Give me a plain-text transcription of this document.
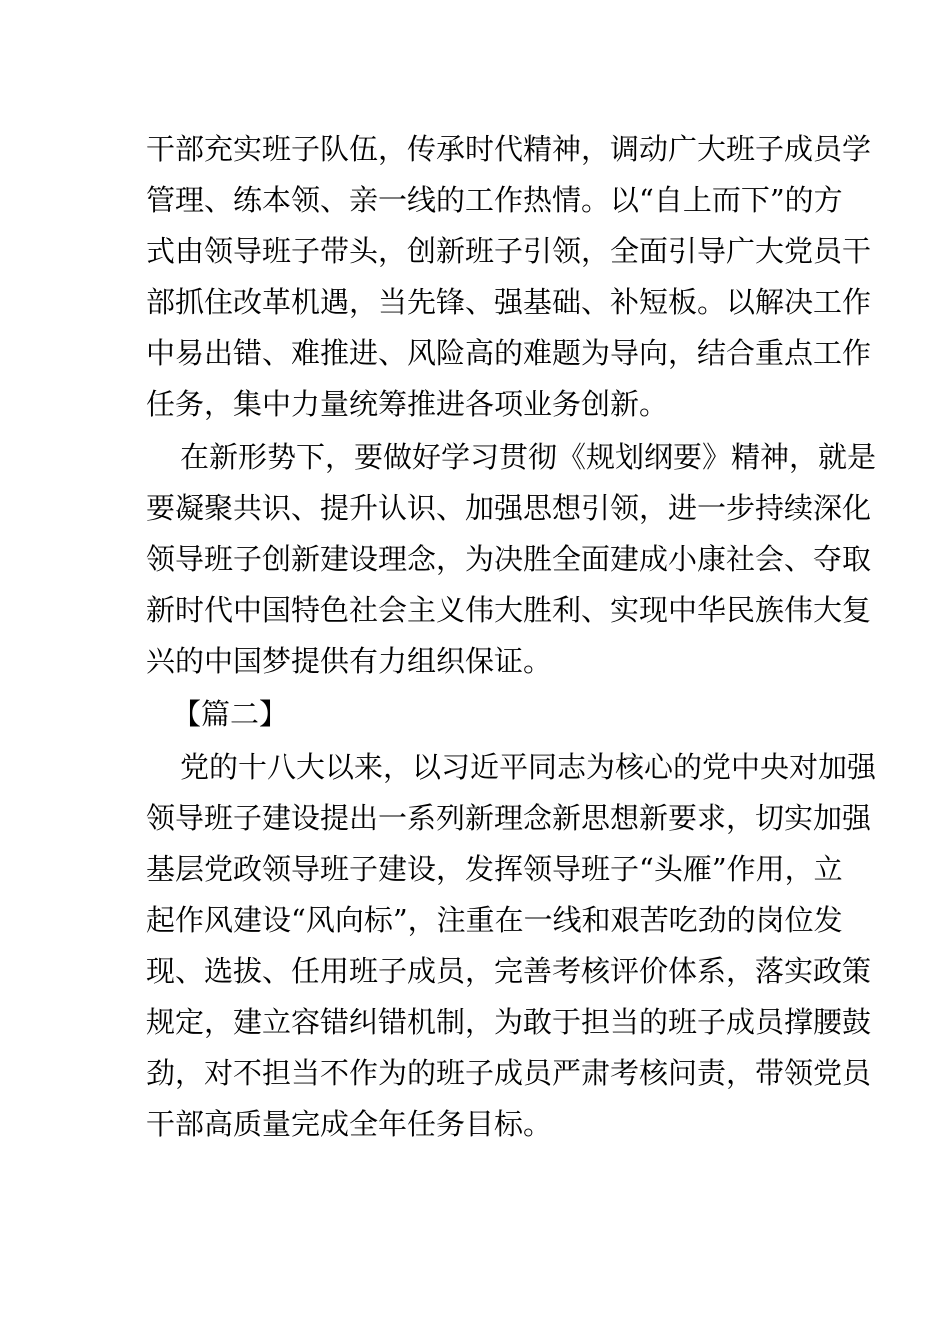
干部充实班子队伍，传承时代精神，调动广大班子成员学
管理、练本领、亲一线的工作热情。以“自上而下”的方
式由领导班子带头，创新班子引领，全面引导广大党员干
部抓住改革机遇，当先锋、强基础、补短板。以解决工作
中易出错、难推进、风险高的难题为导向，结合重点工作
任务，集中力量统筹推进各项业务创新。
在新形势下，要做好学习贯彻《规划纲要》精神，就是
要凝聚共识、提升认识、加强思想引领，进一步持续深化
领导班子创新建设理念，为决胜全面建成小康社会、夺取
新时代中国特色社会主义伟大胜利、实现中华民族伟大复
兴的中国梦提供有力组织保证。
【篇二】
党的十八大以来，以习近平同志为核心的党中央对加强
领导班子建设提出一系列新理念新思想新要求，切实加强
基层党政领导班子建设，发挥领导班子“头雁”作用，立
起作风建设“风向标”，注重在一线和艰苦吃劲的岗位发
现、选拔、任用班子成员，完善考核评价体系，落实政策
规定，建立容错纠错机制，为敢于担当的班子成员撑腰鼓
劲，对不担当不作为的班子成员严肃考核问责，带领党员
干部高质量完成全年任务目标。
